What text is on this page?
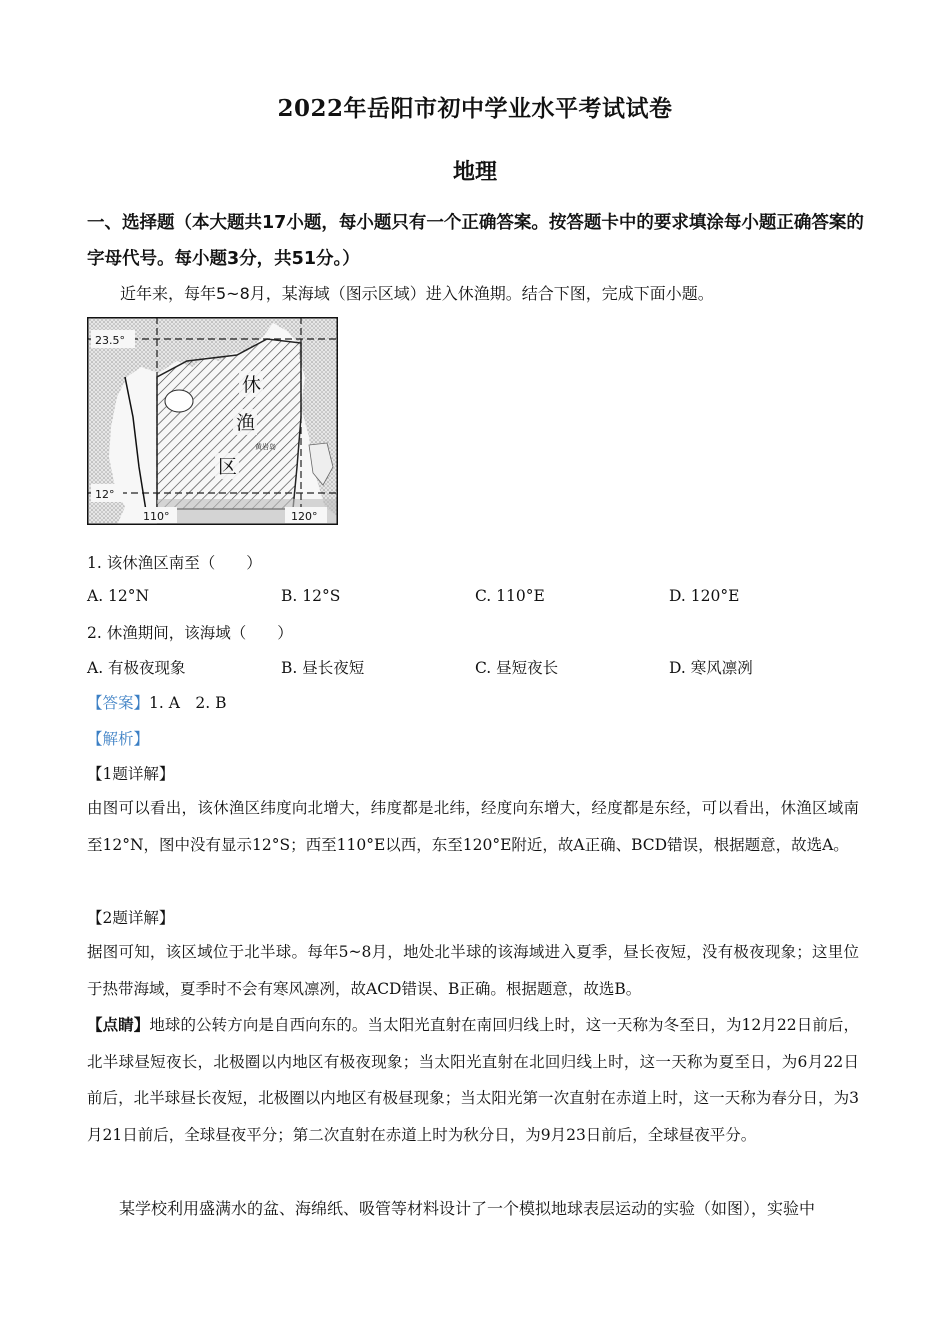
2022年岳阳市初中学业水平考试试卷
地理
一、选择题（本大题共17小题，每小题只有一个正确答案。按答题卡中的要求填涂每小题正确答案的字母代号。每小题3分，共51分。）
近年来，每年5~8月，某海域（图示区域）进入休渔期。结合下图，完成下面小题。
23.5°
12°
110°	120°
休
渔
区
黄岩岛
1. 该休渔区南至（　　）
A. 12°N	B. 12°S	C. 110°E	D. 120°E
2. 休渔期间，该海域（　　）
A. 有极夜现象	B. 昼长夜短	C. 昼短夜长	D. 寒风凛冽
【答案】1. A　2. B
【解析】
【1题详解】
由图可以看出，该休渔区纬度向北增大，纬度都是北纬，经度向东增大，经度都是东经，可以看出，休渔区域南至12°N，图中没有显示12°S；西至110°E以西，东至120°E附近，故A正确、BCD错误，根据题意，故选A。
【2题详解】
据图可知，该区域位于北半球。每年5~8月，地处北半球的该海域进入夏季，昼长夜短，没有极夜现象；这里位于热带海域，夏季时不会有寒风凛冽，故ACD错误、B正确。根据题意，故选B。
【点睛】地球的公转方向是自西向东的。当太阳光直射在南回归线上时，这一天称为冬至日，为12月22日前后，北半球昼短夜长，北极圈以内地区有极夜现象；当太阳光直射在北回归线上时，这一天称为夏至日，为6月22日前后，北半球昼长夜短，北极圈以内地区有极昼现象；当太阳光第一次直射在赤道上时，这一天称为春分日，为3月21日前后，全球昼夜平分；第二次直射在赤道上时为秋分日，为9月23日前后，全球昼夜平分。
某学校利用盛满水的盆、海绵纸、吸管等材料设计了一个模拟地球表层运动的实验（如图），实验中
